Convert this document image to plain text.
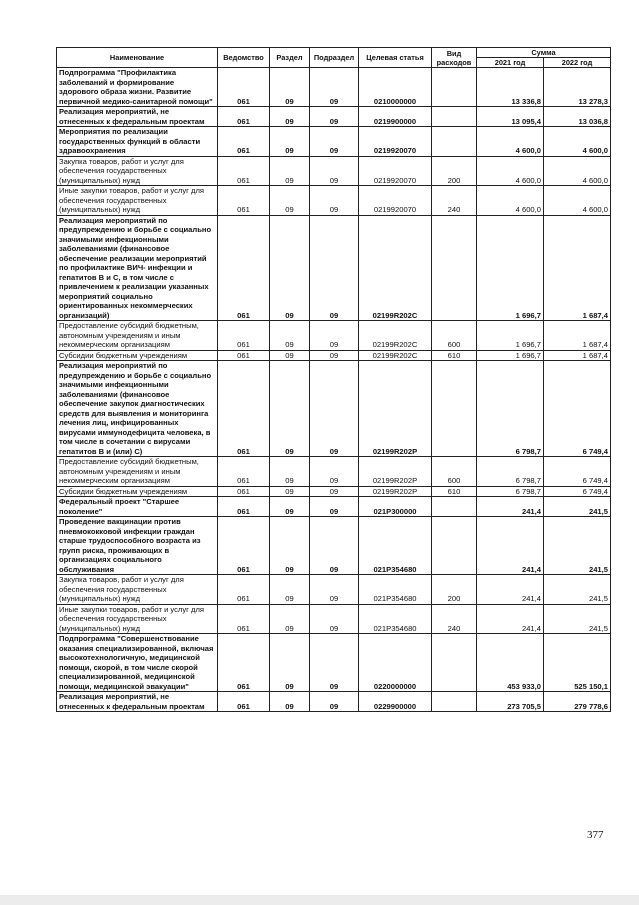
Наименование	Ведомство	Раздел	Подраздел	Целевая статья	Вид расходов	Сумма	
						2021 год	2022 год
Подпрограмма "Профилактика заболеваний и формирование здорового образа жизни. Развитие первичной медико-санитарной помощи"	061	09	09	0210000000		13 336,8	13 278,3
Реализация мероприятий, не отнесенных к федеральным проектам	061	09	09	0219900000		13 095,4	13 036,8
Мероприятия по реализации государственных функций в области здравоохранения	061	09	09	0219920070		4 600,0	4 600,0
Закупка товаров, работ и услуг для обеспечения государственных (муниципальных) нужд	061	09	09	0219920070	200	4 600,0	4 600,0
Иные закупки товаров, работ и услуг для обеспечения государственных (муниципальных) нужд	061	09	09	0219920070	240	4 600,0	4 600,0
Реализация мероприятий по предупреждению и борьбе с социально значимыми инфекционными заболеваниями (финансовое обеспечение реализации мероприятий по профилактике ВИЧ- инфекции и гепатитов В и С, в том числе с привлечением к реализации указанных мероприятий социально ориентированных некоммерческих организаций)	061	09	09	02199R202C		1 696,7	1 687,4
Предоставление субсидий бюджетным, автономным учреждениям и иным некоммерческим организациям	061	09	09	02199R202C	600	1 696,7	1 687,4
Субсидии бюджетным учреждениям	061	09	09	02199R202C	610	1 696,7	1 687,4
Реализация мероприятий по предупреждению и борьбе с социально значимыми инфекционными заболеваниями (финансовое обеспечение закупок диагностических средств для выявления и мониторинга лечения лиц, инфицированных вирусами иммунодефицита человека, в том числе в сочетании с вирусами гепатитов В и (или) С)	061	09	09	02199R202P		6 798,7	6 749,4
Предоставление субсидий бюджетным, автономным учреждениям и иным некоммерческим организациям	061	09	09	02199R202P	600	6 798,7	6 749,4
Субсидии бюджетным учреждениям	061	09	09	02199R202P	610	6 798,7	6 749,4
Федеральный проект "Старшее поколение"	061	09	09	021P300000		241,4	241,5
Проведение вакцинации против пневмококковой инфекции граждан старше трудоспособного возраста из групп риска, проживающих в организациях социального обслуживания	061	09	09	021P354680		241,4	241,5
Закупка товаров, работ и услуг для обеспечения государственных (муниципальных) нужд	061	09	09	021P354680	200	241,4	241,5
Иные закупки товаров, работ и услуг для обеспечения государственных (муниципальных) нужд	061	09	09	021P354680	240	241,4	241,5
Подпрограмма "Совершенствование оказания специализированной, включая высокотехнологичную, медицинской помощи, скорой, в том числе скорой специализированной, медицинской помощи, медицинской эвакуации"	061	09	09	0220000000		453 933,0	525 150,1
Реализация мероприятий, не отнесенных к федеральным проектам	061	09	09	0229900000		273 705,5	279 778,6
377
